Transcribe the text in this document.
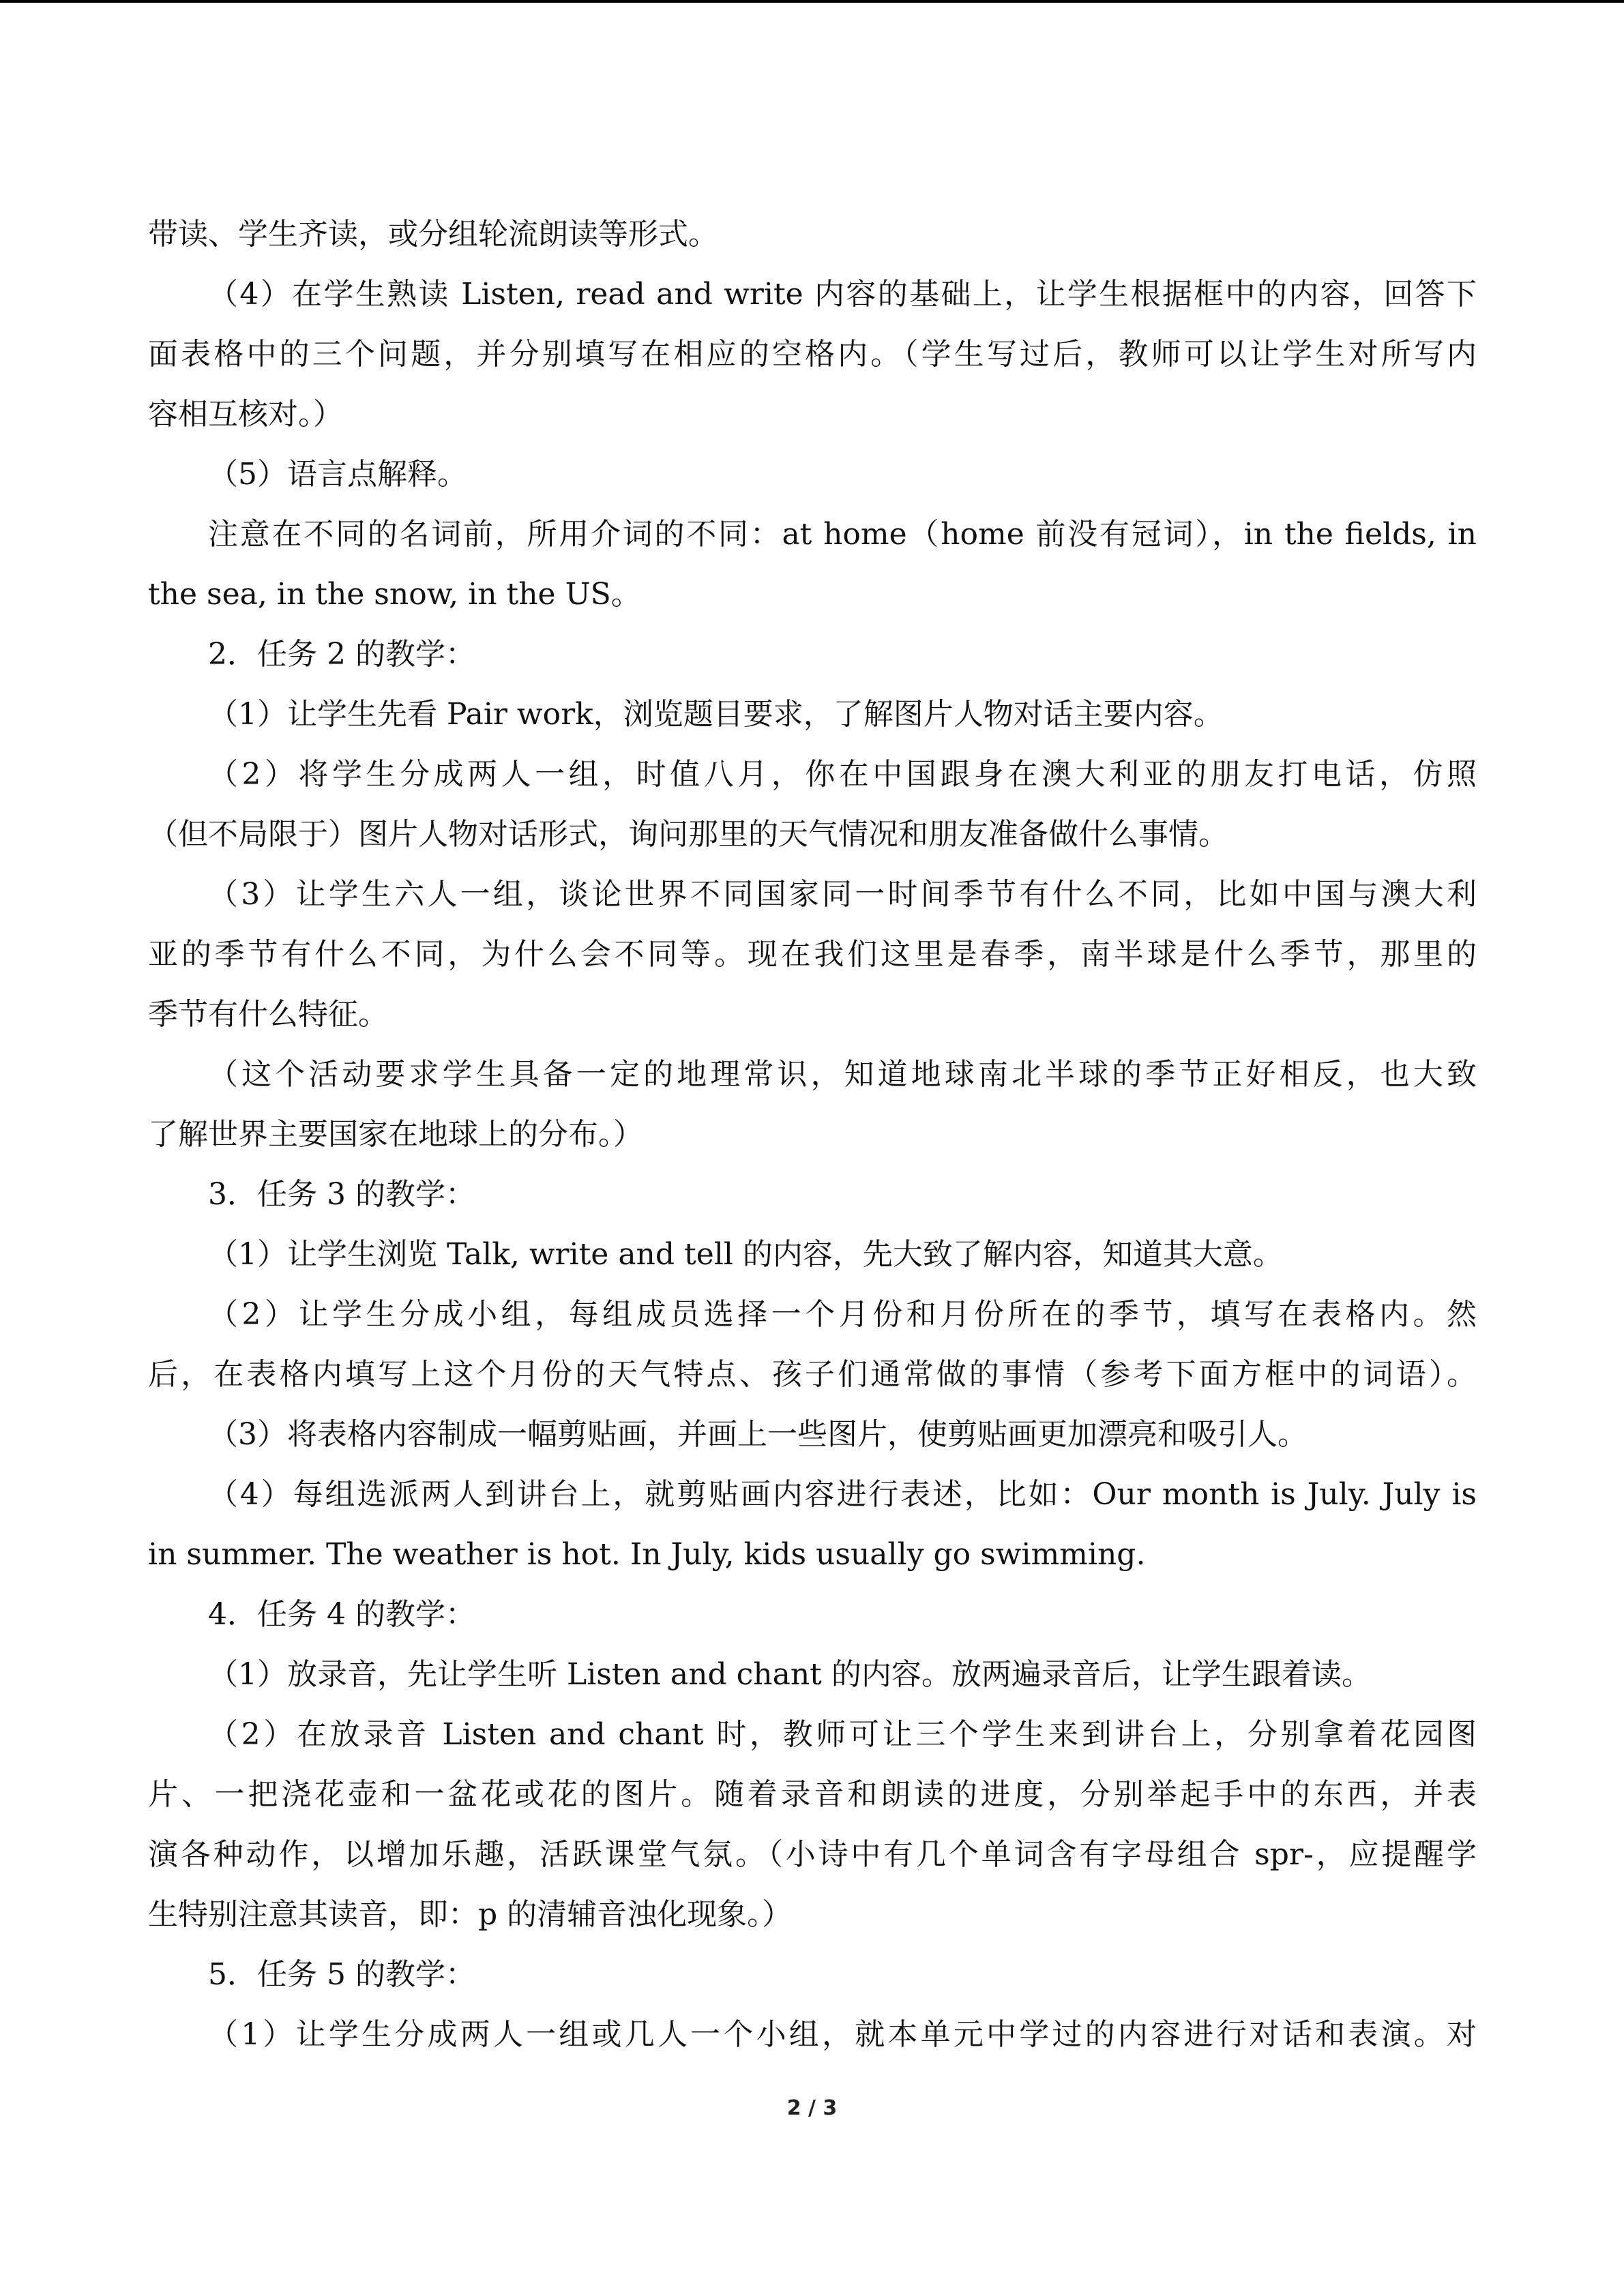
带读、学生齐读，或分组轮流朗读等形式。
（4）在学生熟读 Listen, read and write 内容的基础上，让学生根据框中的内容，回答下
面表格中的三个问题，并分别填写在相应的空格内。（学生写过后，教师可以让学生对所写内
容相互核对。）
（5）语言点解释。
注意在不同的名词前，所用介词的不同：at home（home 前没有冠词），in the fields, in
the sea, in the snow, in the US。
2．任务 2 的教学：
（1）让学生先看 Pair work，浏览题目要求，了解图片人物对话主要内容。
（2）将学生分成两人一组，时值八月，你在中国跟身在澳大利亚的朋友打电话，仿照
（但不局限于）图片人物对话形式，询问那里的天气情况和朋友准备做什么事情。
（3）让学生六人一组，谈论世界不同国家同一时间季节有什么不同，比如中国与澳大利
亚的季节有什么不同，为什么会不同等。现在我们这里是春季，南半球是什么季节，那里的
季节有什么特征。
（这个活动要求学生具备一定的地理常识，知道地球南北半球的季节正好相反，也大致
了解世界主要国家在地球上的分布。）
3．任务 3 的教学：
（1）让学生浏览 Talk, write and tell 的内容，先大致了解内容，知道其大意。
（2）让学生分成小组，每组成员选择一个月份和月份所在的季节，填写在表格内。然
后，在表格内填写上这个月份的天气特点、孩子们通常做的事情（参考下面方框中的词语）。
（3）将表格内容制成一幅剪贴画，并画上一些图片，使剪贴画更加漂亮和吸引人。
（4）每组选派两人到讲台上，就剪贴画内容进行表述，比如：Our month is July. July is
in summer. The weather is hot. In July, kids usually go swimming.
4．任务 4 的教学：
（1）放录音，先让学生听 Listen and chant 的内容。放两遍录音后，让学生跟着读。
（2）在放录音 Listen and chant 时，教师可让三个学生来到讲台上，分别拿着花园图
片、一把浇花壶和一盆花或花的图片。随着录音和朗读的进度，分别举起手中的东西，并表
演各种动作，以增加乐趣，活跃课堂气氛。（小诗中有几个单词含有字母组合 spr-，应提醒学
生特别注意其读音，即：p 的清辅音浊化现象。）
5．任务 5 的教学：
（1）让学生分成两人一组或几人一个小组，就本单元中学过的内容进行对话和表演。对
2 / 3
